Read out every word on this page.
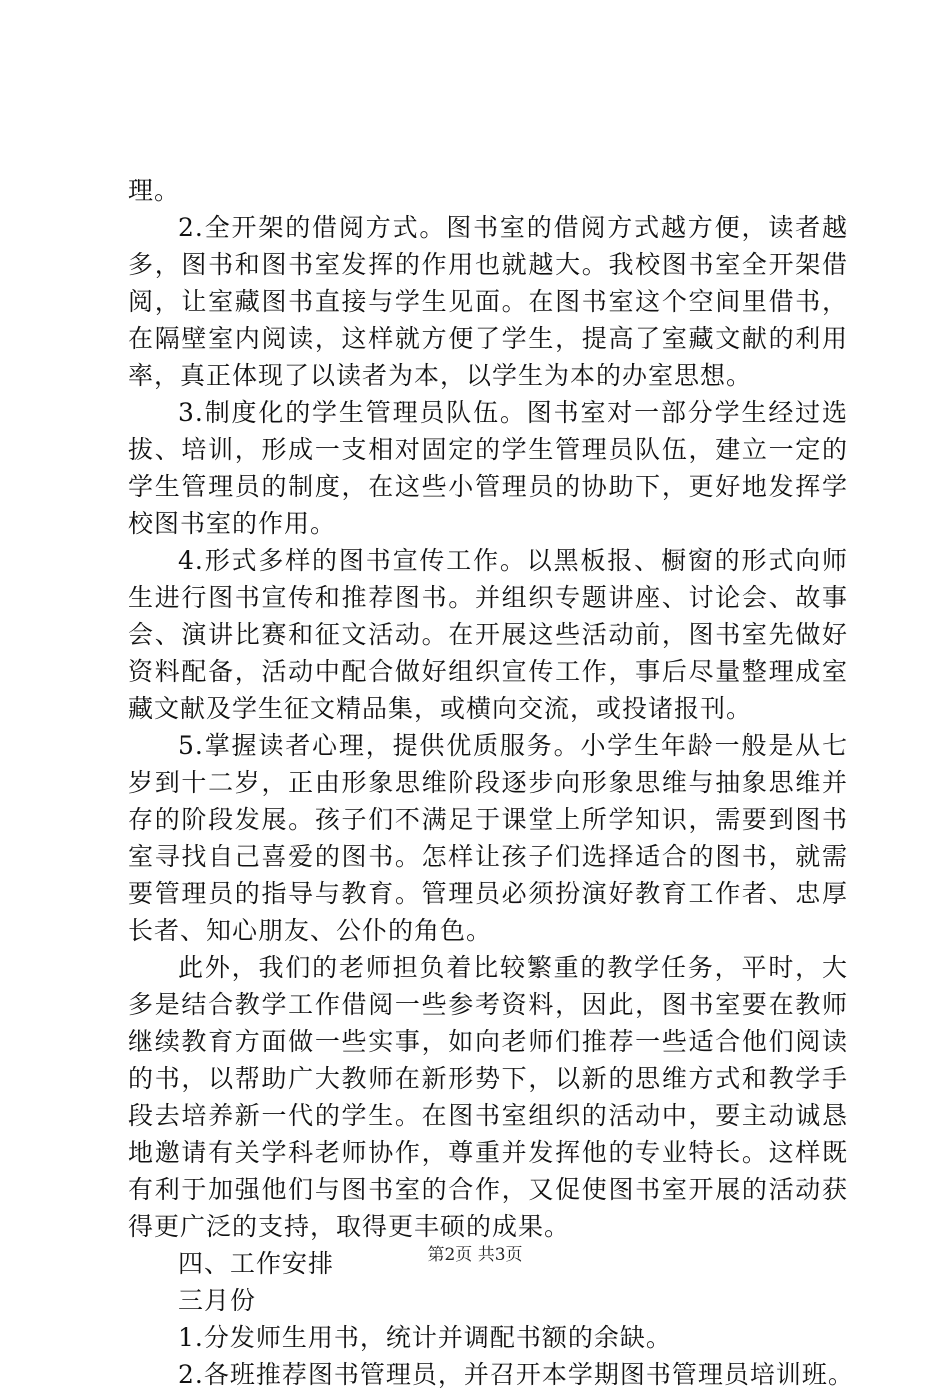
理。
2.全开架的借阅方式。图书室的借阅方式越方便，读者越
多，图书和图书室发挥的作用也就越大。我校图书室全开架借
阅，让室藏图书直接与学生见面。在图书室这个空间里借书，
在隔壁室内阅读，这样就方便了学生，提高了室藏文献的利用
率，真正体现了以读者为本，以学生为本的办室思想。
3.制度化的学生管理员队伍。图书室对一部分学生经过选
拔、培训，形成一支相对固定的学生管理员队伍，建立一定的
学生管理员的制度，在这些小管理员的协助下，更好地发挥学
校图书室的作用。
4.形式多样的图书宣传工作。以黑板报、橱窗的形式向师
生进行图书宣传和推荐图书。并组织专题讲座、讨论会、故事
会、演讲比赛和征文活动。在开展这些活动前，图书室先做好
资料配备，活动中配合做好组织宣传工作，事后尽量整理成室
藏文献及学生征文精品集，或横向交流，或投诸报刊。
5.掌握读者心理，提供优质服务。小学生年龄一般是从七
岁到十二岁，正由形象思维阶段逐步向形象思维与抽象思维并
存的阶段发展。孩子们不满足于课堂上所学知识，需要到图书
室寻找自己喜爱的图书。怎样让孩子们选择适合的图书，就需
要管理员的指导与教育。管理员必须扮演好教育工作者、忠厚
长者、知心朋友、公仆的角色。
此外，我们的老师担负着比较繁重的教学任务，平时，大
多是结合教学工作借阅一些参考资料，因此，图书室要在教师
继续教育方面做一些实事，如向老师们推荐一些适合他们阅读
的书，以帮助广大教师在新形势下，以新的思维方式和教学手
段去培养新一代的学生。在图书室组织的活动中，要主动诚恳
地邀请有关学科老师协作，尊重并发挥他的专业特长。这样既
有利于加强他们与图书室的合作，又促使图书室开展的活动获
得更广泛的支持，取得更丰硕的成果。
四、工作安排
三月份
1.分发师生用书，统计并调配书额的余缺。
2.各班推荐图书管理员，并召开本学期图书管理员培训班。
第2页 共3页
